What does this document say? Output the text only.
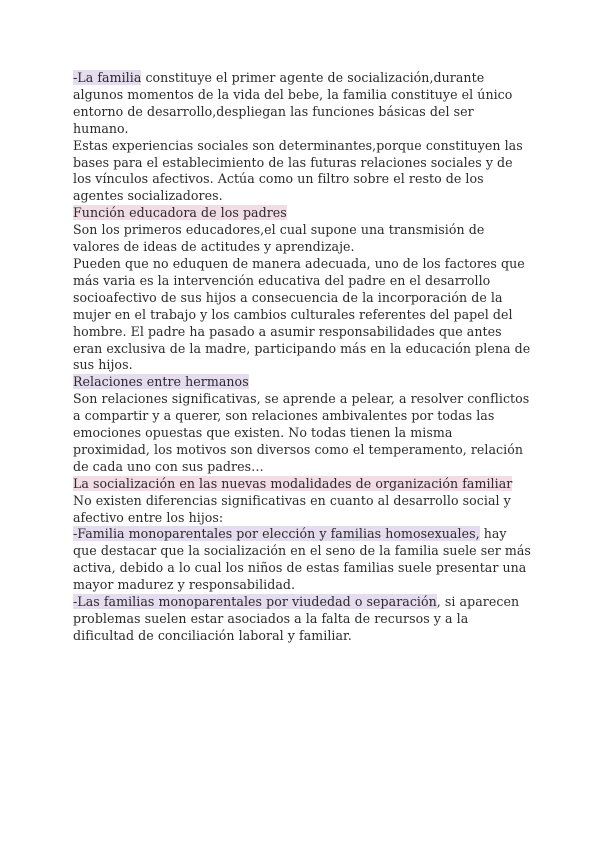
-La familia constituye el primer agente de socialización,durante algunos momentos de la vida del bebe, la familia constituye el único entorno de desarrollo,despliegan las funciones básicas del ser humano.

Estas experiencias sociales son determinantes,porque constituyen las bases para el establecimiento de las futuras relaciones sociales y de los vínculos afectivos. Actúa como un filtro sobre el resto de los agentes socializadores.

Función educadora de los padres

Son los primeros educadores,el cual supone una transmisión de valores de ideas de actitudes y aprendizaje.

Pueden que no eduquen de manera adecuada, uno de los factores que más varia es la intervención educativa del padre en el desarrollo socioafectivo de sus hijos a consecuencia de la incorporación de la mujer en el trabajo y los cambios culturales referentes del papel del hombre. El padre ha pasado a asumir responsabilidades que antes eran exclusiva de la madre, participando más en la educación plena de sus hijos.

Relaciones entre hermanos

Son relaciones significativas, se aprende a pelear, a resolver conflictos a compartir y a querer, son relaciones ambivalentes por todas las emociones opuestas que existen. No todas tienen la misma proximidad, los motivos son diversos como el temperamento, relación de cada uno con sus padres…

La socialización en las nuevas modalidades de organización familiar

No existen diferencias significativas en cuanto al desarrollo social y afectivo entre los hijos:

-Familia monoparentales por elección y familias homosexuales, hay que destacar que la socialización en el seno de la familia suele ser más activa, debido a lo cual los niños de estas familias suele presentar una mayor madurez y responsabilidad.

-Las familias monoparentales por viudedad o separación, si aparecen problemas suelen estar asociados a la falta de recursos y a la dificultad de conciliación laboral y familiar.
